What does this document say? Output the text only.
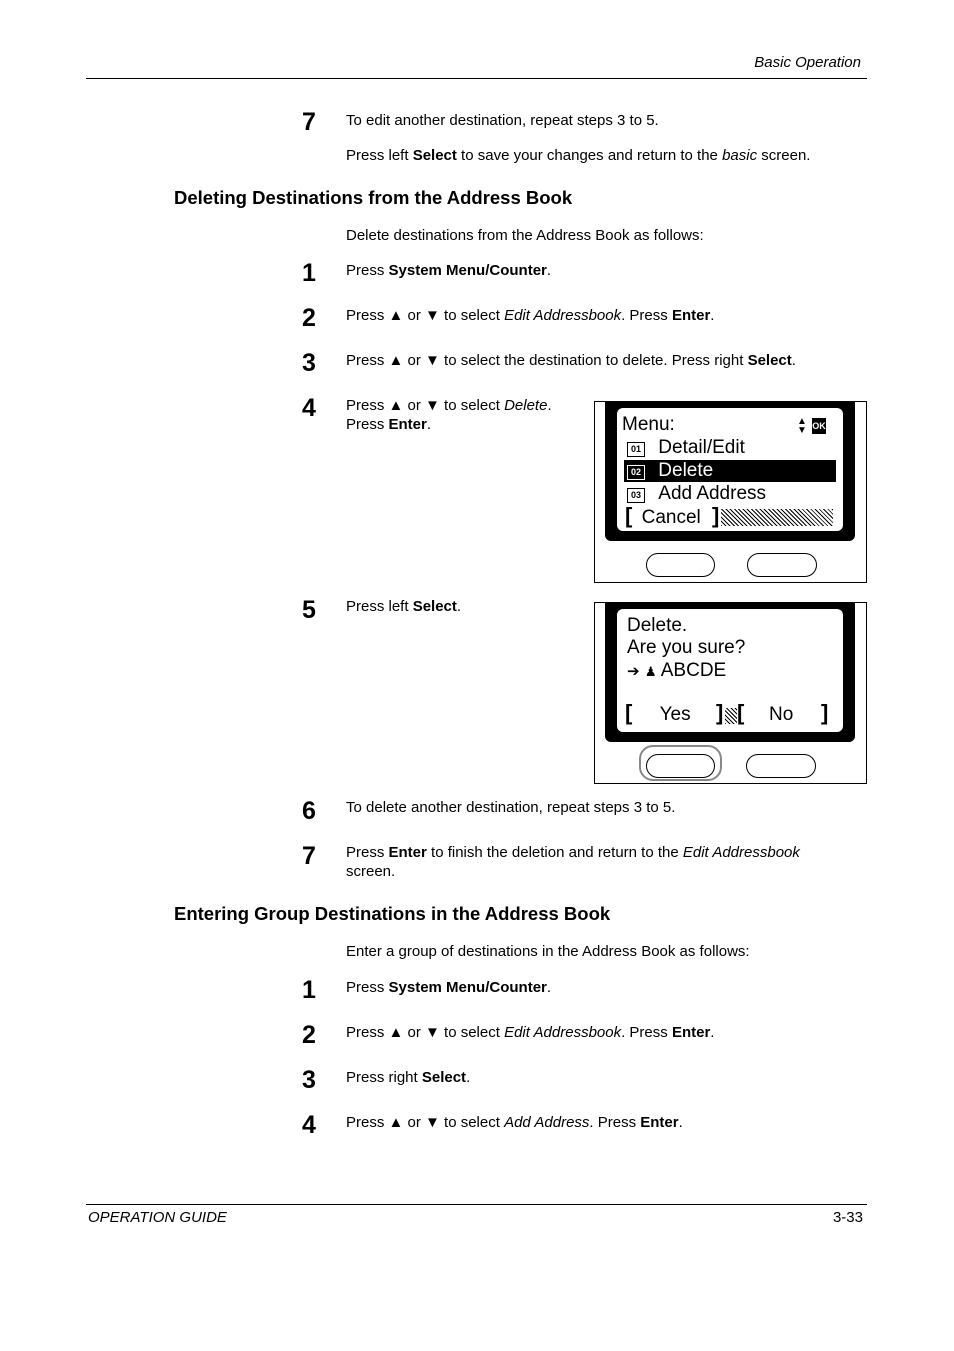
Basic Operation
7	To edit another destination, repeat steps 3 to 5.
Press left Select to save your changes and return to the basic screen.
Deleting Destinations from the Address Book
Delete destinations from the Address Book as follows:
1	Press System Menu/Counter.
2	Press ▲ or ▼ to select Edit Addressbook. Press Enter.
3	Press ▲ or ▼ to select the destination to delete. Press right Select.
4	Press ▲ or ▼ to select Delete.
Press Enter.	Menu:	▲
▼ OK
01 Detail/Edit
02 Delete
03 Add Address
[ Cancel ]
5	Press left Select.
Delete.
Are you sure?
➔ ♟ ABCDE
[ Yes ] [ No ]
6	To delete another destination, repeat steps 3 to 5.
7	Press Enter to finish the deletion and return to the Edit Addressbook
screen.
Entering Group Destinations in the Address Book
Enter a group of destinations in the Address Book as follows:
1	Press System Menu/Counter.
2	Press ▲ or ▼ to select Edit Addressbook. Press Enter.
3	Press right Select.
4	Press ▲ or ▼ to select Add Address. Press Enter.
OPERATION GUIDE	3-33
